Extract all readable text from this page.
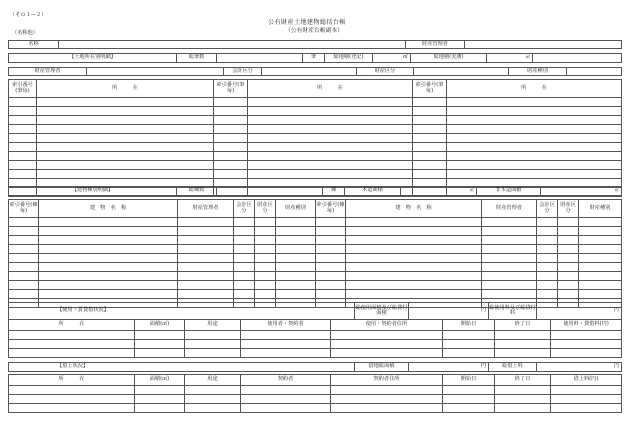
（その１―２）
公有財産土地建物総括台帳
（公有財産台帳副本）
（名称他）
名称		財産管理者	
【土地所在別明細】	総筆数		筆	総地積(登記)	㎡	総地積(実測)	㎡	
財産管理者		会計区分		財産区分		財産種別	
索引番号(筆毎)	所　　　在	索引番号(筆毎)	所　　　在	索引番号(筆毎)	所　　　在

【建物棟別明細】	総棟数		棟	木造面積	㎡	非木造面積	㎡
索引番号(棟毎)	建　物　名　称	財産管理者	会計区分	財産区分	財産種別	索引番号(棟毎)	建　物　名　称	財産管理者	会計区分	財産区分	財産種別

【使用・賃貸借状況】	総使用面積及び総貸付面積	円	総使用料及び総貸付料	円
所　　　在	面積(㎡)	用途	使用者・契約者	使用・契約者住所	開始日	終了日	使用料・貸借料(円)

【借上状況】	借地総面積	円	総借上料	円
所　　　在	面積(㎡)	用途	契約者	契約者住所	開始日	終了日	借上料(円)
